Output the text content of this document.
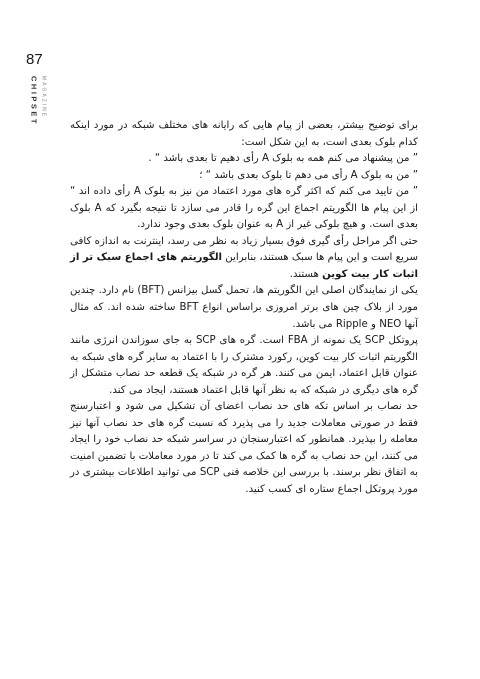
87
CHIPSET MAGAZINE

برای توضیح بیشتر، بعضی از پیام هایی که رایانه های مختلف شبکه در مورد اینکه کدام بلوک بعدی است، به این شکل است:

” من پیشنهاد می کنم همه به بلوک A رأی دهیم تا بعدی باشد “ .

” من به بلوک A رأی می دهم تا بلوک بعدی باشد “ ؛

” من تایید می کنم که اکثر گره های مورد اعتماد من نیز به بلوک A رأی داده اند “ از این پیام ها الگوریتم اجماع این گره را قادر می سازد تا نتیجه بگیرد که A بلوک بعدی است. و هیچ بلوکی غیر از A به عنوان بلوک بعدی وجود ندارد.

حتی اگر مراحل رأی گیری فوق بسیار زیاد به نظر می رسد، اینترنت به اندازه کافی سریع است و این پیام ها سبک هستند، بنابراین الگوریتم های اجماع سبک تر از اثبات کار بیت کوین هستند.

یکی از نمایندگان اصلی این الگوریتم ها، تحمل گسل بیزانس (BFT) نام دارد. چندین مورد از بلاک چین های برتر امروزی براساس انواع BFT ساخته شده اند. که مثال آنها NEO و Ripple می باشد.

پروتکل SCP یک نمونه از FBA است. گره های SCP به جای سوزاندن انرژی مانند الگوریتم اثبات کار بیت کوین، رکورد مشترک را با اعتماد به سایر گره های شبکه به عنوان قابل اعتماد، ایمن می کنند. هر گره در شبکه یک قطعه حد نصاب متشکل از گره های دیگری در شبکه که به نظر آنها قابل اعتماد هستند، ایجاد می کند.

حد نصاب بر اساس تکه های حد نصاب اعضای آن تشکیل می شود و اعتبارسنج فقط در صورتی معاملات جدید را می پذیرد که نسبت گره های حد نصاب آنها نیز معامله را بپذیرد. همانطور که اعتبارسنجان در سراسر شبکه حد نصاب خود را ایجاد می کنند، این حد نصاب به گره ها کمک می کند تا در مورد معاملات با تضمین امنیت به اتفاق نظر برسند. با بررسی این خلاصه فنی SCP می توانید اطلاعات بیشتری در مورد پروتکل اجماع ستاره ای کسب کنید.
